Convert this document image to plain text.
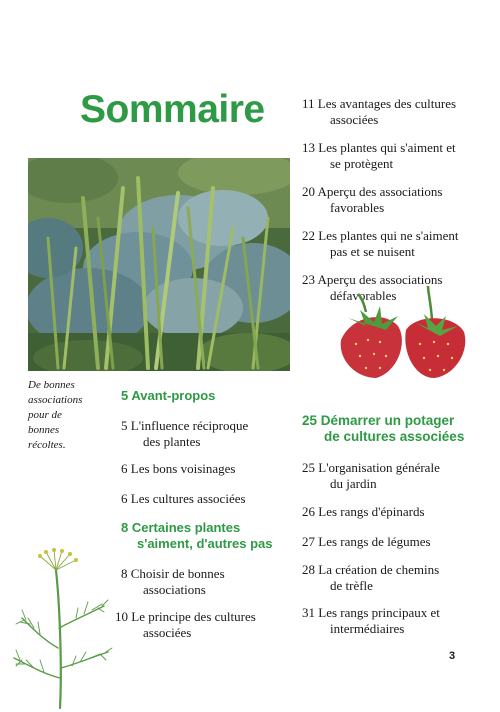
Sommaire
De bonnes
associations
pour de
bonnes
récoltes.
5 Avant-propos
5 L'influence réciproque
des plantes
6 Les bons voisinages
6 Les cultures associées
8 Certaines plantes
s'aiment, d'autres pas
8 Choisir de bonnes
associations
10 Le principe des cultures
associées
11 Les avantages des cultures
associées
13 Les plantes qui s'aiment et
se protègent
20 Aperçu des associations
favorables
22 Les plantes qui ne s'aiment
pas et se nuisent
23 Aperçu des associations
défavorables
25 Démarrer un potager
de cultures associées
25 L'organisation générale
du jardin
26 Les rangs d'épinards
27 Les rangs de légumes
28 La création de chemins
de trèfle
31 Les rangs principaux et
intermédiaires
3
